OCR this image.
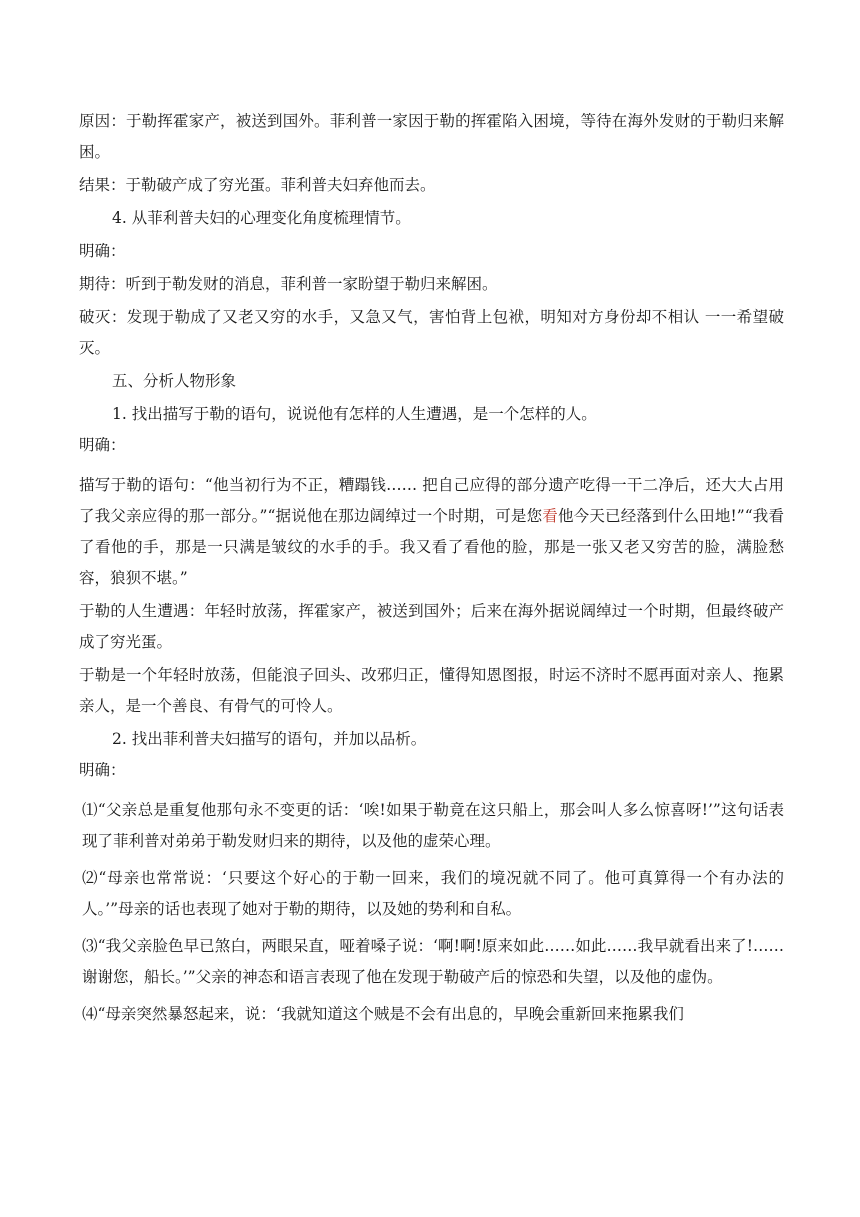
原因：于勒挥霍家产，被送到国外。菲利普一家因于勒的挥霍陷入困境，等待在海外发财的于勒归来解困。

结果：于勒破产成了穷光蛋。菲利普夫妇弃他而去。

4. 从菲利普夫妇的心理变化角度梳理情节。

明确：

期待：听到于勒发财的消息，菲利普一家盼望于勒归来解困。

破灭：发现于勒成了又老又穷的水手，又急又气，害怕背上包袱，明知对方身份却不相认 一一希望破灭。

五、分析人物形象

1. 找出描写于勒的语句，说说他有怎样的人生遭遇，是一个怎样的人。

明确：

描写于勒的语句：“他当初行为不正，糟蹋钱…… 把自己应得的部分遗产吃得一干二净后，还大大占用了我父亲应得的那一部分。”“据说他在那边阔绰过一个时期，可是您看他今天已经落到什么田地!”“我看了看他的手，那是一只满是皱纹的水手的手。我又看了看他的脸，那是一张又老又穷苦的脸，满脸愁容，狼狈不堪。”

于勒的人生遭遇：年轻时放荡，挥霍家产，被送到国外；后来在海外据说阔绰过一个时期，但最终破产成了穷光蛋。

于勒是一个年轻时放荡，但能浪子回头、改邪归正，懂得知恩图报，时运不济时不愿再面对亲人、拖累亲人，是一个善良、有骨气的可怜人。

2. 找出菲利普夫妇描写的语句，并加以品析。

明确：

⑴“父亲总是重复他那句永不变更的话：‘唉!如果于勒竟在这只船上，那会叫人多么惊喜呀!’”这句话表现了菲利普对弟弟于勒发财归来的期待，以及他的虚荣心理。

⑵“母亲也常常说：‘只要这个好心的于勒一回来，我们的境况就不同了。他可真算得一个有办法的人。’”母亲的话也表现了她对于勒的期待，以及她的势利和自私。

⑶“我父亲脸色早已煞白，两眼呆直，哑着嗓子说：‘啊!啊!原来如此……如此……我早就看出来了!……谢谢您，船长。’”父亲的神态和语言表现了他在发现于勒破产后的惊恐和失望，以及他的虚伪。

⑷“母亲突然暴怒起来，说：‘我就知道这个贼是不会有出息的，早晚会重新回来拖累我们
